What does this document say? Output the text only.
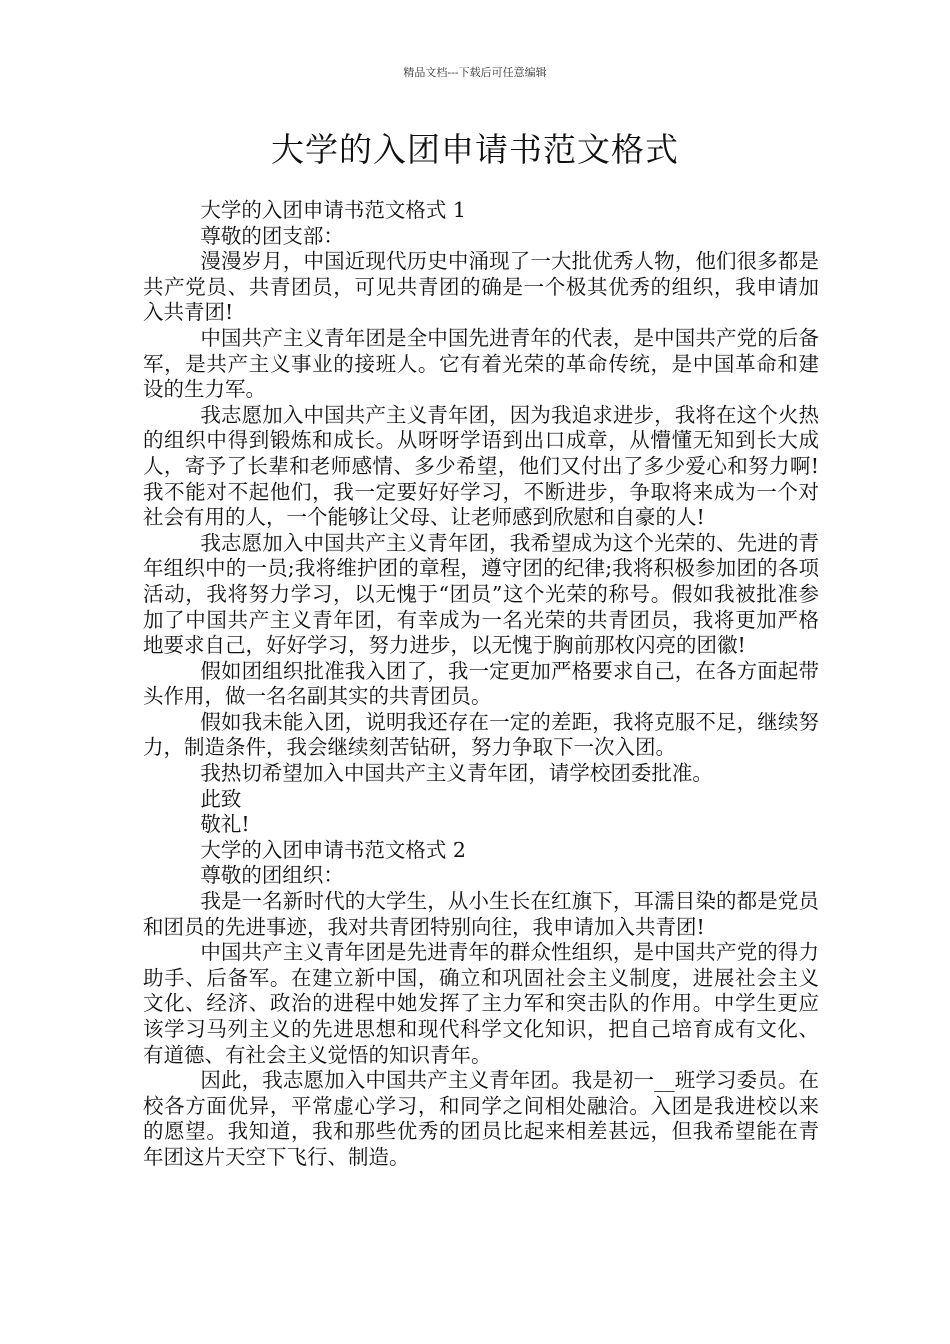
精品文档---下载后可任意编辑
大学的入团申请书范文格式

大学的入团申请书范文格式 1

尊敬的团支部：

漫漫岁月，中国近现代历史中涌现了一大批优秀人物，他们很多都是共产党员、共青团员，可见共青团的确是一个极其优秀的组织，我申请加入共青团!

中国共产主义青年团是全中国先进青年的代表，是中国共产党的后备军，是共产主义事业的接班人。它有着光荣的革命传统，是中国革命和建设的生力军。

我志愿加入中国共产主义青年团，因为我追求进步，我将在这个火热的组织中得到锻炼和成长。从呀呀学语到出口成章，从懵懂无知到长大成人，寄予了长辈和老师感情、多少希望，他们又付出了多少爱心和努力啊!我不能对不起他们，我一定要好好学习，不断进步，争取将来成为一个对社会有用的人，一个能够让父母、让老师感到欣慰和自豪的人!

我志愿加入中国共产主义青年团，我希望成为这个光荣的、先进的青年组织中的一员;我将维护团的章程，遵守团的纪律;我将积极参加团的各项活动，我将努力学习，以无愧于“团员”这个光荣的称号。假如我被批准参加了中国共产主义青年团，有幸成为一名光荣的共青团员，我将更加严格地要求自己，好好学习，努力进步，以无愧于胸前那枚闪亮的团徽!

假如团组织批准我入团了，我一定更加严格要求自己，在各方面起带头作用，做一名名副其实的共青团员。

假如我未能入团，说明我还存在一定的差距，我将克服不足，继续努力，制造条件，我会继续刻苦钻研，努力争取下一次入团。

我热切希望加入中国共产主义青年团，请学校团委批准。

此致

敬礼!

大学的入团申请书范文格式 2

尊敬的团组织：

我是一名新时代的大学生，从小生长在红旗下，耳濡目染的都是党员和团员的先进事迹，我对共青团特别向往，我申请加入共青团!

中国共产主义青年团是先进青年的群众性组织，是中国共产党的得力助手、后备军。在建立新中国，确立和巩固社会主义制度，进展社会主义文化、经济、政治的进程中她发挥了主力军和突击队的作用。中学生更应该学习马列主义的先进思想和现代科学文化知识，把自己培育成有文化、有道德、有社会主义觉悟的知识青年。

因此，我志愿加入中国共产主义青年团。我是初一__班学习委员。在校各方面优异，平常虚心学习，和同学之间相处融洽。入团是我进校以来的愿望。我知道，我和那些优秀的团员比起来相差甚远，但我希望能在青年团这片天空下飞行、制造。
